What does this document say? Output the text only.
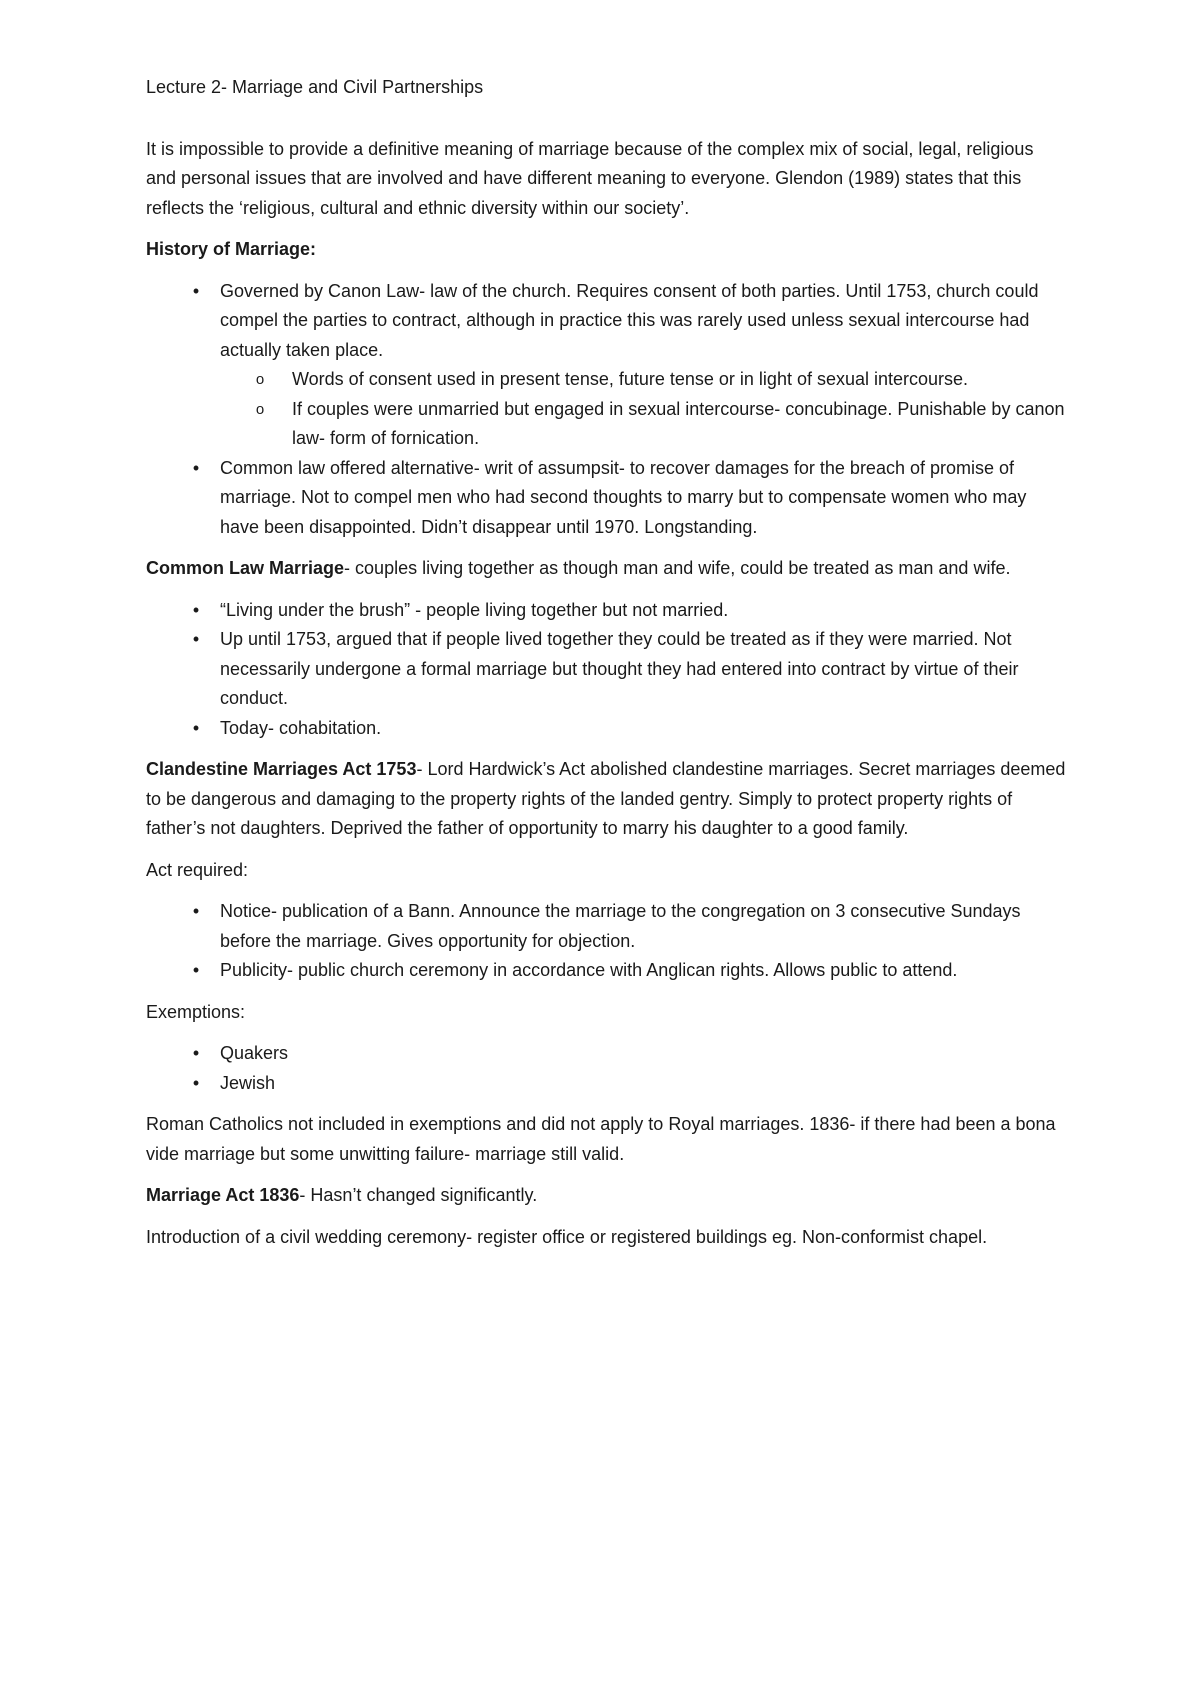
Lecture 2- Marriage and Civil Partnerships

It is impossible to provide a definitive meaning of marriage because of the complex mix of social, legal, religious and personal issues that are involved and have different meaning to everyone. Glendon (1989) states that this reflects the ‘religious, cultural and ethnic diversity within our society’.

History of Marriage:

•	Governed by Canon Law- law of the church. Requires consent of both parties. Until 1753, church could compel the parties to contract, although in practice this was rarely used unless sexual intercourse had actually taken place.
o	Words of consent used in present tense, future tense or in light of sexual intercourse.
o	If couples were unmarried but engaged in sexual intercourse- concubinage. Punishable by canon law- form of fornication.
•	Common law offered alternative- writ of assumpsit- to recover damages for the breach of promise of marriage. Not to compel men who had second thoughts to marry but to compensate women who may have been disappointed. Didn’t disappear until 1970. Longstanding.

Common Law Marriage- couples living together as though man and wife, could be treated as man and wife.

•	“Living under the brush” - people living together but not married.
•	Up until 1753, argued that if people lived together they could be treated as if they were married. Not necessarily undergone a formal marriage but thought they had entered into contract by virtue of their conduct.
•	Today- cohabitation.

Clandestine Marriages Act 1753- Lord Hardwick’s Act abolished clandestine marriages. Secret marriages deemed to be dangerous and damaging to the property rights of the landed gentry. Simply to protect property rights of father’s not daughters. Deprived the father of opportunity to marry his daughter to a good family.

Act required:

•	Notice- publication of a Bann. Announce the marriage to the congregation on 3 consecutive Sundays before the marriage. Gives opportunity for objection.
•	Publicity- public church ceremony in accordance with Anglican rights. Allows public to attend.

Exemptions:

•	Quakers
•	Jewish

Roman Catholics not included in exemptions and did not apply to Royal marriages. 1836- if there had been a bona vide marriage but some unwitting failure- marriage still valid.

Marriage Act 1836- Hasn’t changed significantly.

Introduction of a civil wedding ceremony- register office or registered buildings eg. Non-conformist chapel.
